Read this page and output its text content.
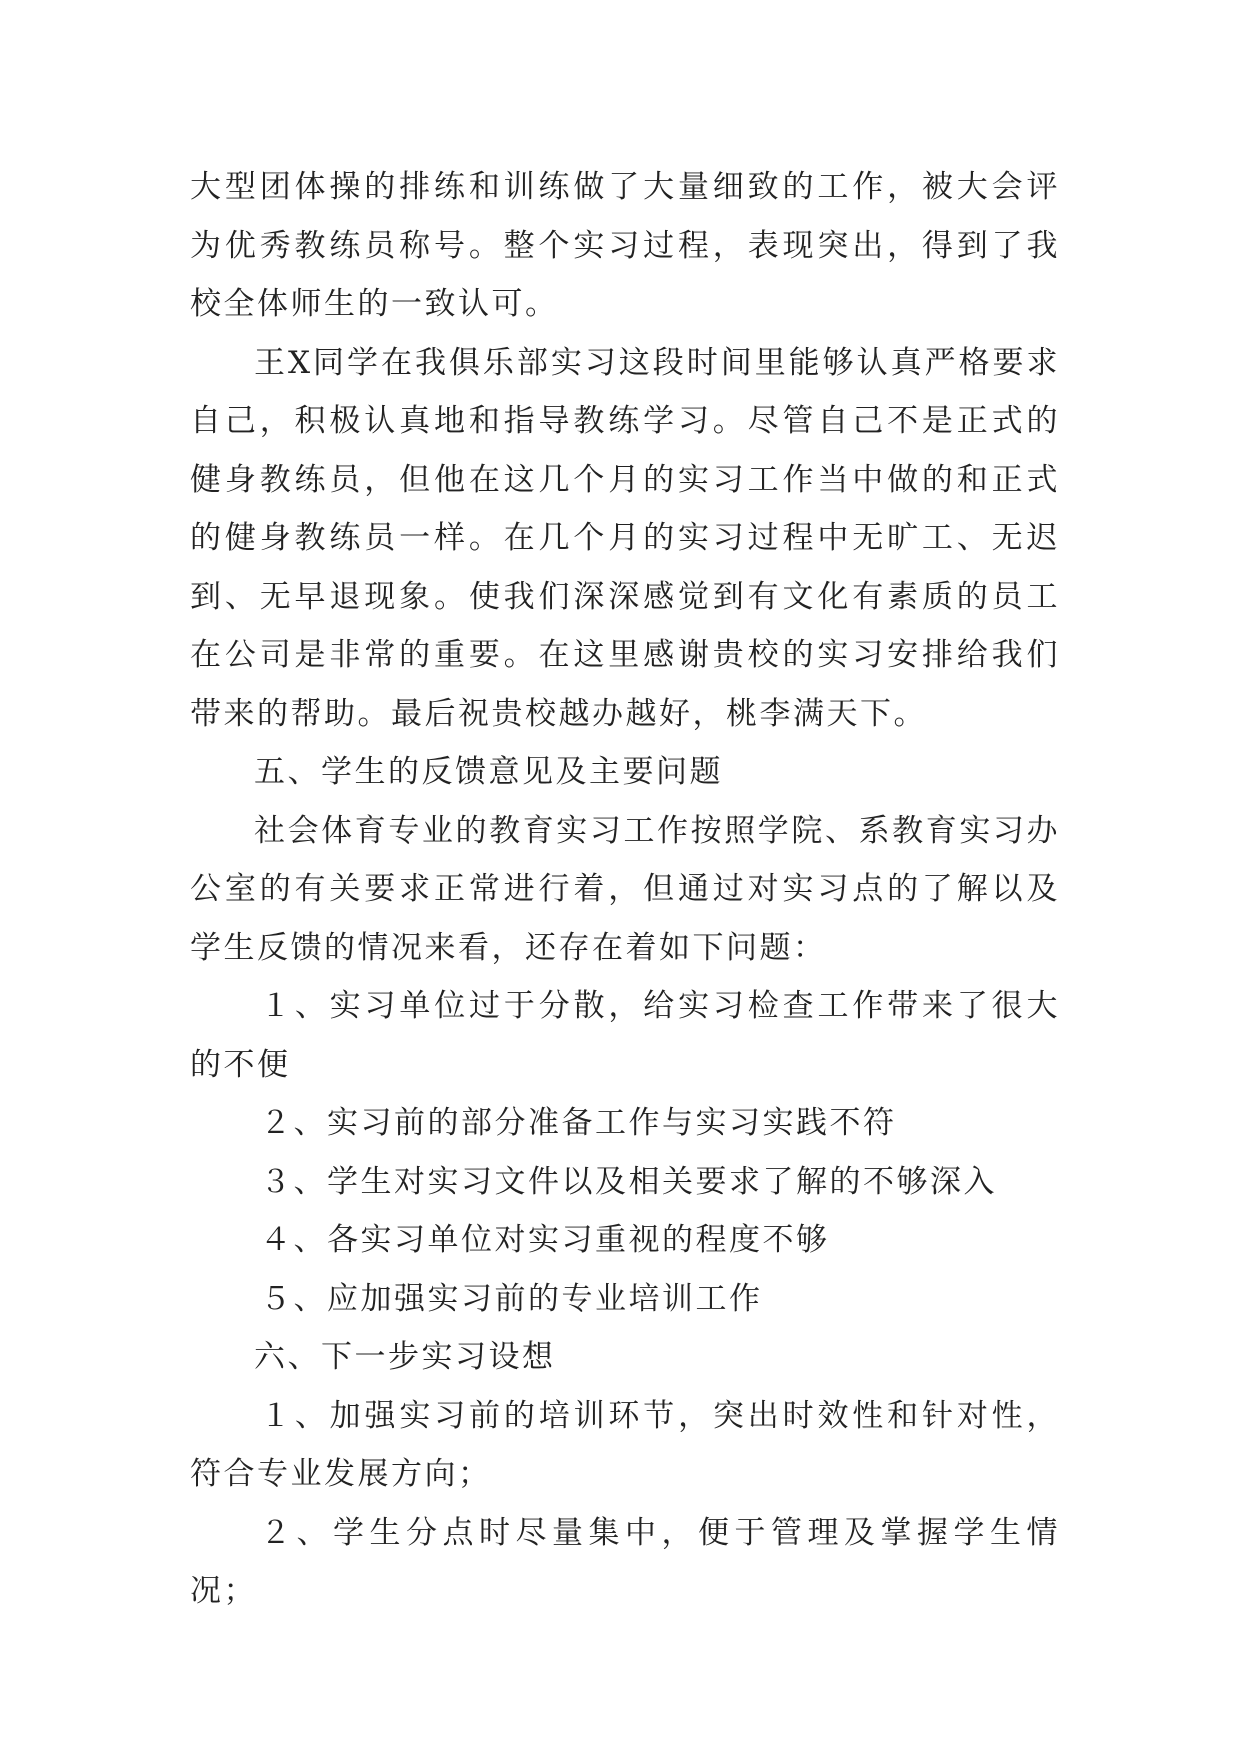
大型团体操的排练和训练做了大量细致的工作，被大会评为优秀教练员称号。整个实习过程，表现突出，得到了我校全体师生的一致认可。

王X同学在我俱乐部实习这段时间里能够认真严格要求自己，积极认真地和指导教练学习。尽管自己不是正式的健身教练员，但他在这几个月的实习工作当中做的和正式的健身教练员一样。在几个月的实习过程中无旷工、无迟到、无早退现象。使我们深深感觉到有文化有素质的员工在公司是非常的重要。在这里感谢贵校的实习安排给我们带来的帮助。最后祝贵校越办越好，桃李满天下。

五、学生的反馈意见及主要问题

社会体育专业的教育实习工作按照学院、系教育实习办公室的有关要求正常进行着，但通过对实习点的了解以及学生反馈的情况来看，还存在着如下问题：

１、实习单位过于分散，给实习检查工作带来了很大的不便

２、实习前的部分准备工作与实习实践不符

３、学生对实习文件以及相关要求了解的不够深入

４、各实习单位对实习重视的程度不够

５、应加强实习前的专业培训工作

六、下一步实习设想

１、加强实习前的培训环节，突出时效性和针对性，符合专业发展方向；

２、学生分点时尽量集中，便于管理及掌握学生情况；
